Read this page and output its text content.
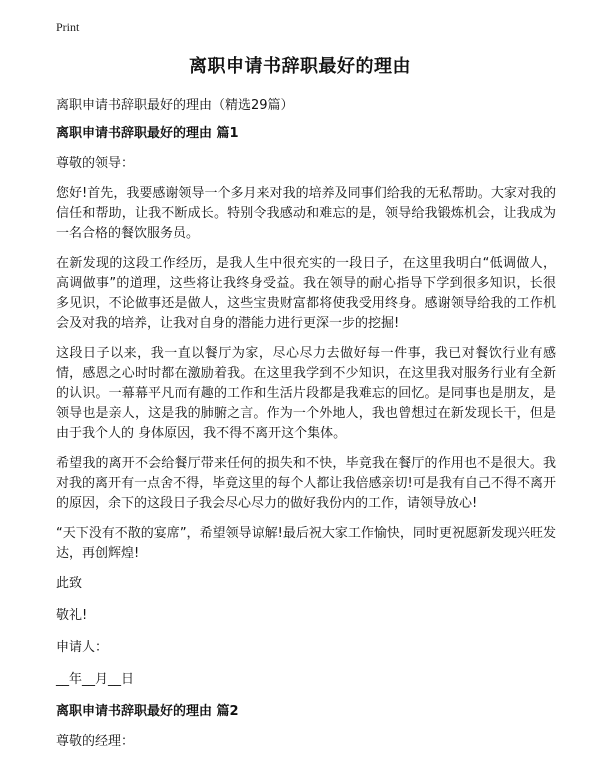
Print
离职申请书辞职最好的理由
离职申请书辞职最好的理由（精选29篇）
离职申请书辞职最好的理由 篇1

尊敬的领导：

您好!首先，我要感谢领导一个多月来对我的培养及同事们给我的无私帮助。大家对我的信任和帮助，让我不断成长。特别令我感动和难忘的是，领导给我锻炼机会，让我成为一名合格的餐饮服务员。

在新发现的这段工作经历，是我人生中很充实的一段日子，在这里我明白“低调做人，高调做事”的道理，这些将让我终身受益。我在领导的耐心指导下学到很多知识，长很多见识，不论做事还是做人，这些宝贵财富都将使我受用终身。感谢领导给我的工作机会及对我的培养，让我对自身的潜能力进行更深一步的挖掘!

这段日子以来，我一直以餐厅为家，尽心尽力去做好每一件事，我已对餐饮行业有感情，感恩之心时时都在激励着我。在这里我学到不少知识，在这里我对服务行业有全新的认识。一幕幕平凡而有趣的工作和生活片段都是我难忘的回忆。是同事也是朋友，是领导也是亲人，这是我的肺腑之言。作为一个外地人，我也曾想过在新发现长干，但是由于我个人的 身体原因，我不得不离开这个集体。

希望我的离开不会给餐厅带来任何的损失和不快，毕竟我在餐厅的作用也不是很大。我对我的离开有一点舍不得，毕竟这里的每个人都让我倍感亲切!可是我有自己不得不离开的原因，余下的这段日子我会尽心尽力的做好我份内的工作，请领导放心!

“天下没有不散的宴席”，希望领导谅解!最后祝大家工作愉快，同时更祝愿新发现兴旺发达，再创辉煌!

此致

敬礼!

申请人：

__年__月__日

离职申请书辞职最好的理由 篇2

尊敬的经理：
